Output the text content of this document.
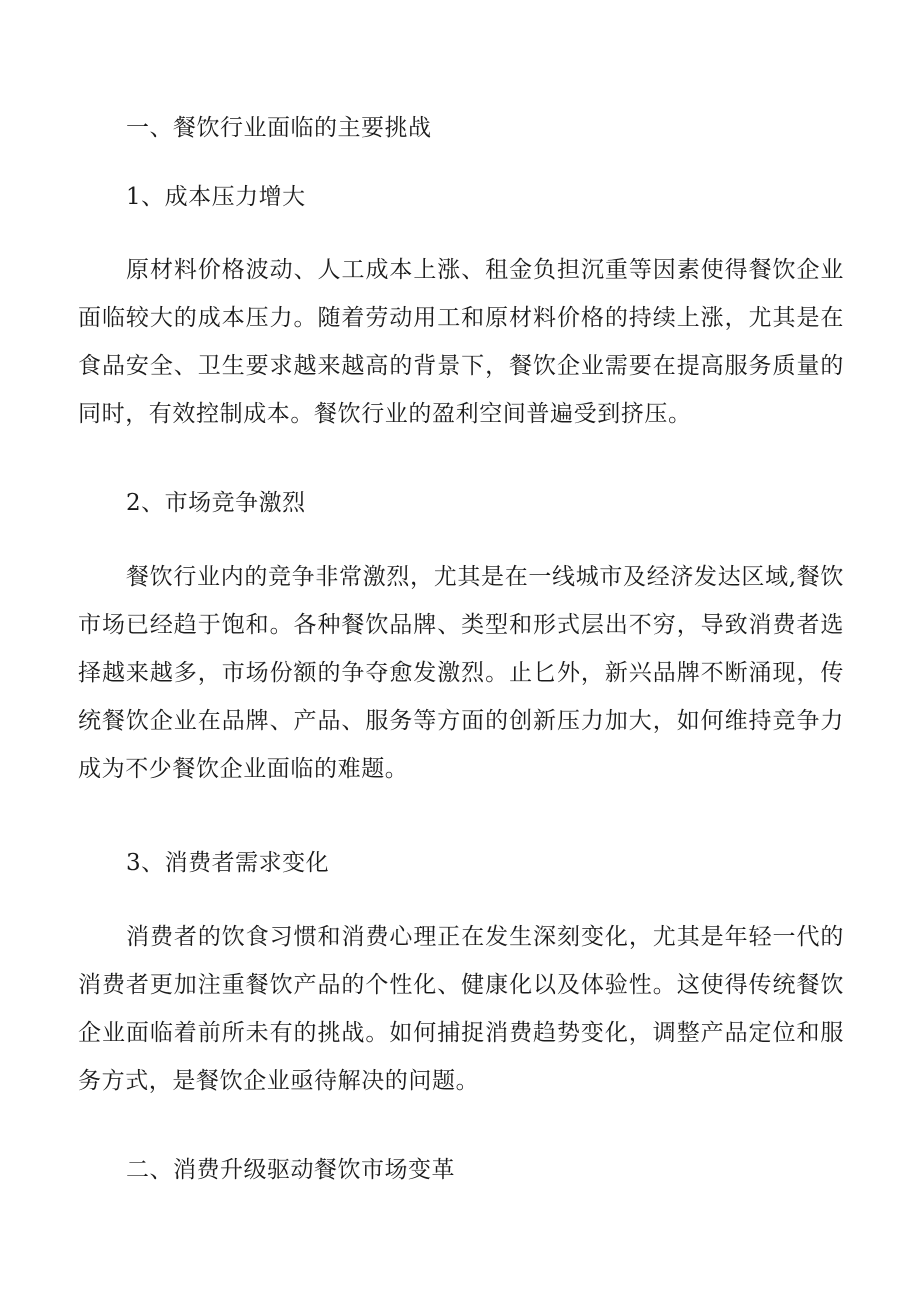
一、餐饮行业面临的主要挑战
1、成本压力增大
原材料价格波动、人工成本上涨、租金负担沉重等因素使得餐饮企业面临较大的成本压力。随着劳动用工和原材料价格的持续上涨，尤其是在食品安全、卫生要求越来越高的背景下，餐饮企业需要在提高服务质量的同时，有效控制成本。餐饮行业的盈利空间普遍受到挤压。
2、市场竞争激烈
餐饮行业内的竞争非常激烈，尤其是在一线城市及经济发达区域,餐饮市场已经趋于饱和。各种餐饮品牌、类型和形式层出不穷，导致消费者选择越来越多，市场份额的争夺愈发激烈。止匕外，新兴品牌不断涌现，传统餐饮企业在品牌、产品、服务等方面的创新压力加大，如何维持竞争力成为不少餐饮企业面临的难题。
3、消费者需求变化
消费者的饮食习惯和消费心理正在发生深刻变化，尤其是年轻一代的消费者更加注重餐饮产品的个性化、健康化以及体验性。这使得传统餐饮企业面临着前所未有的挑战。如何捕捉消费趋势变化，调整产品定位和服务方式，是餐饮企业亟待解决的问题。
二、消费升级驱动餐饮市场变革
